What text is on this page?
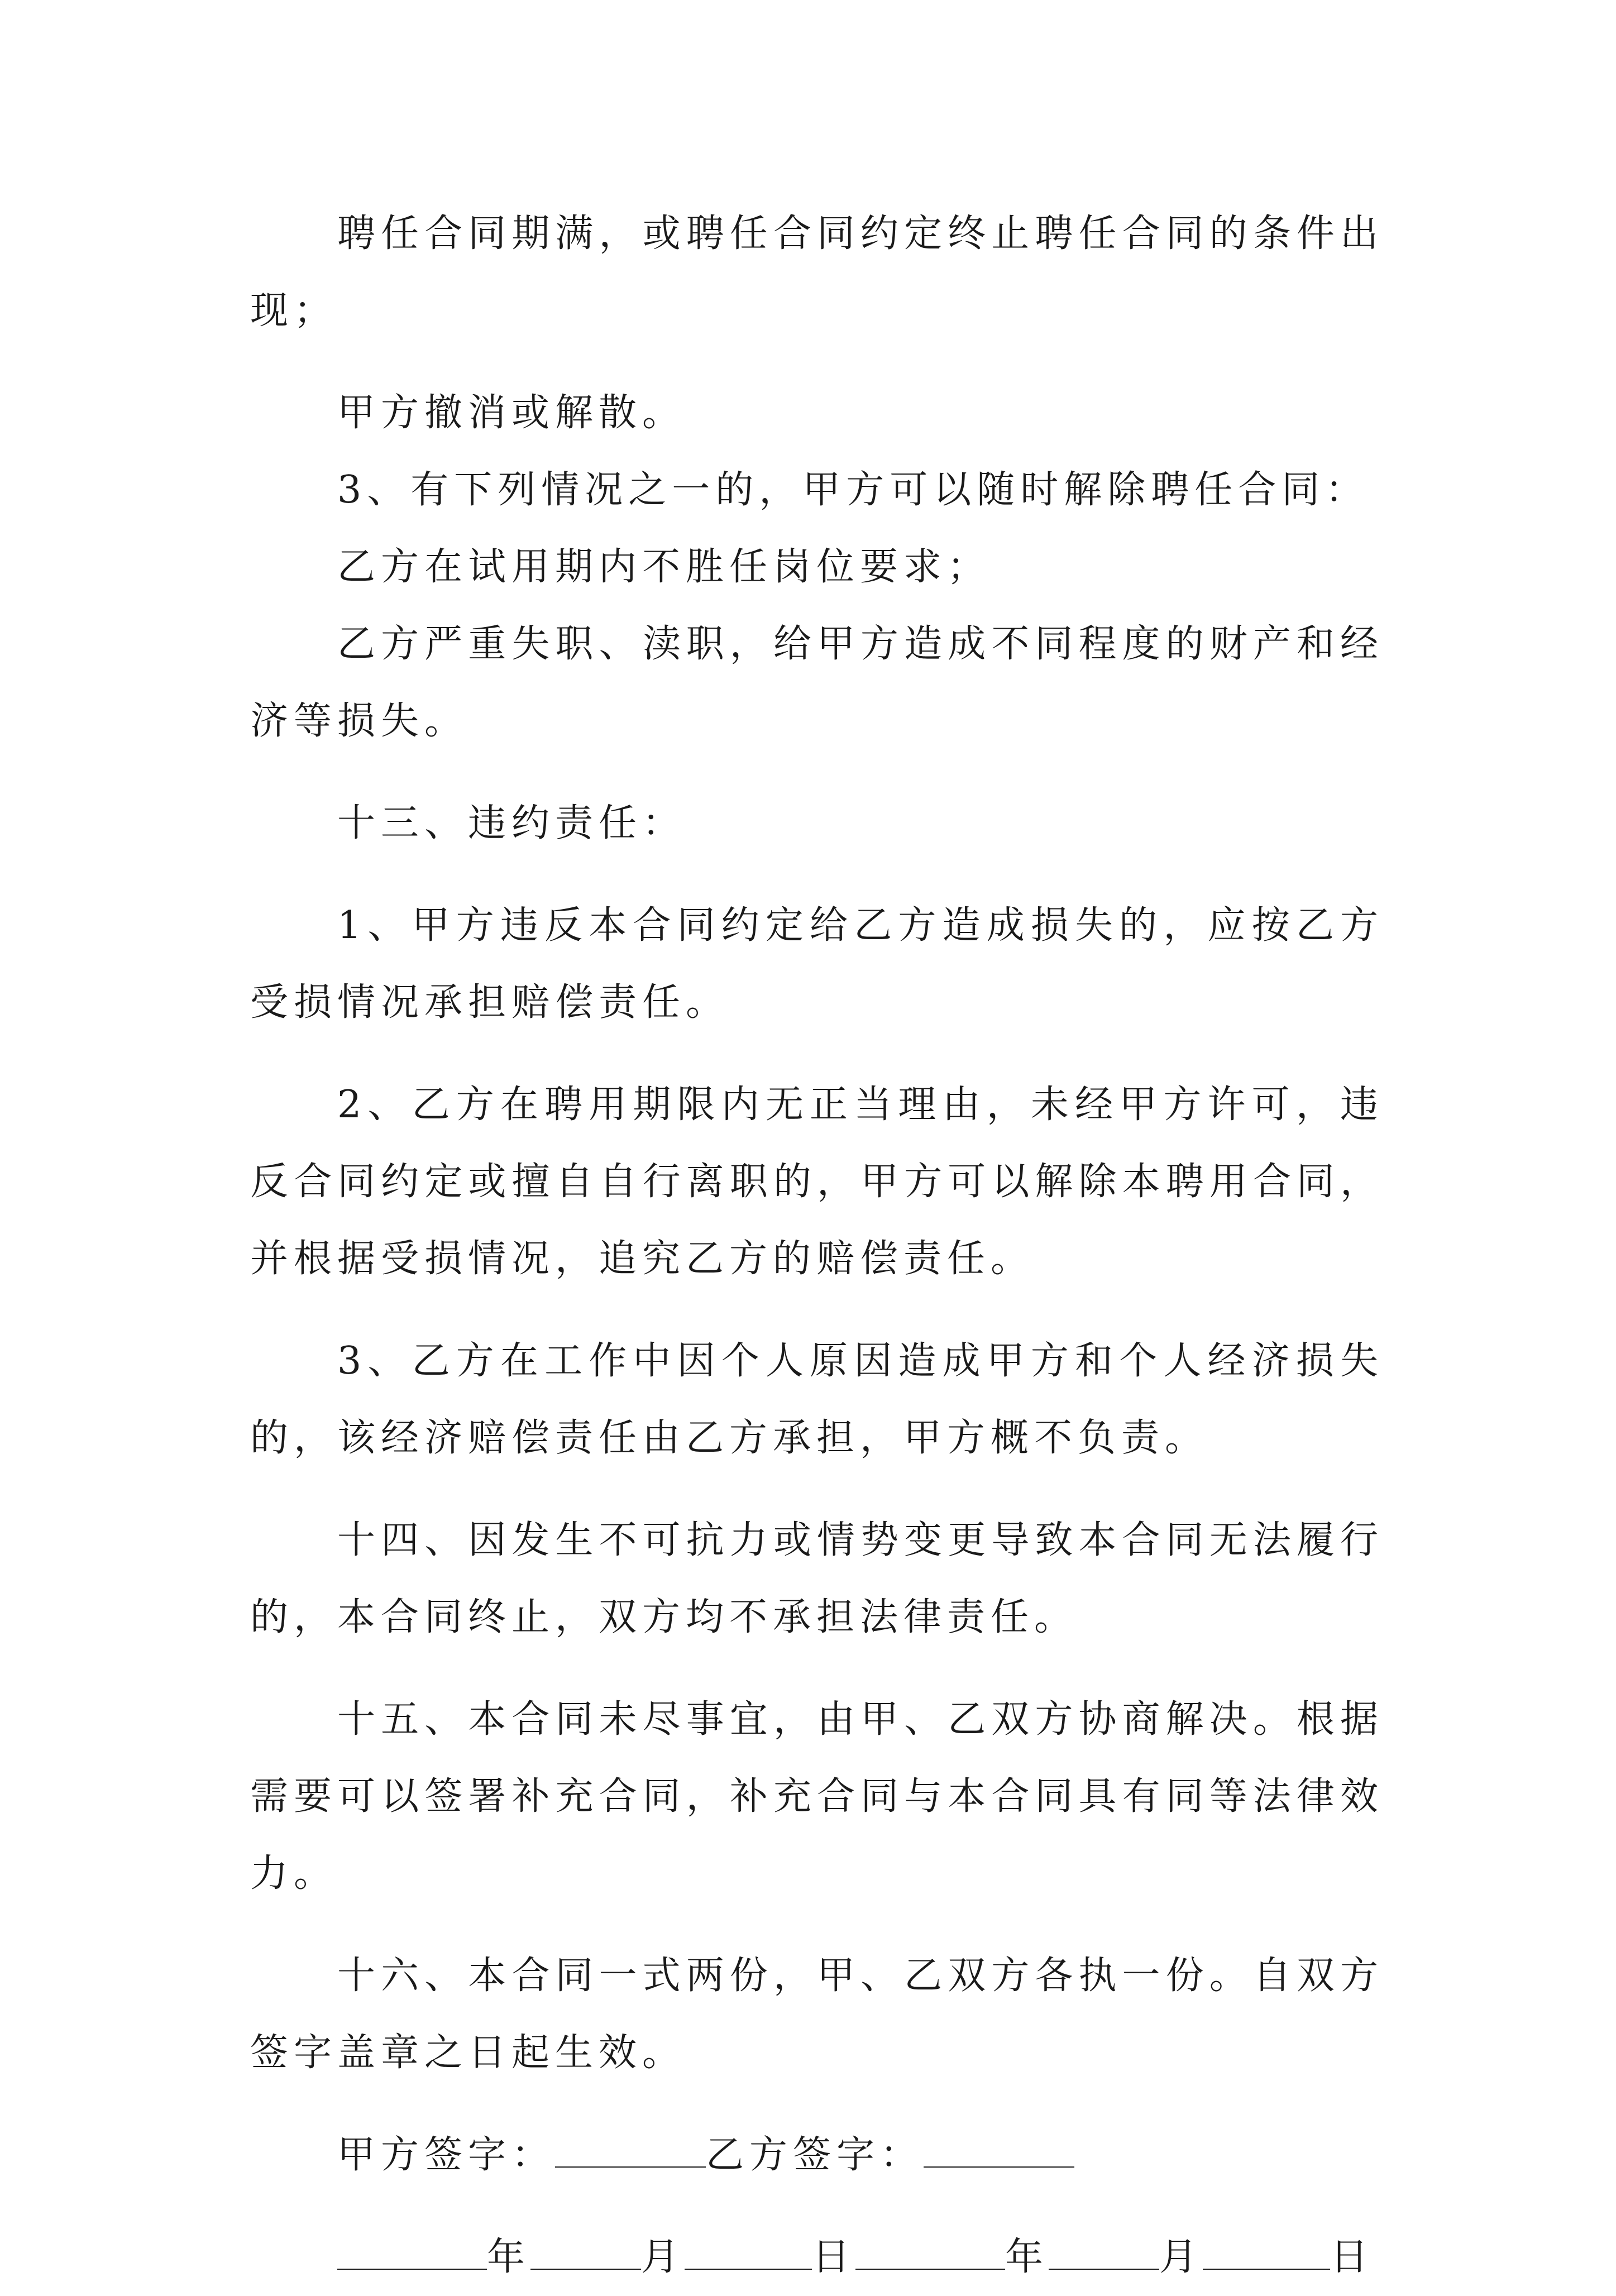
聘任合同期满，或聘任合同约定终止聘任合同的条件出现；

甲方撤消或解散。

3、有下列情况之一的，甲方可以随时解除聘任合同：

乙方在试用期内不胜任岗位要求；

乙方严重失职、渎职，给甲方造成不同程度的财产和经济等损失。

十三、违约责任：

1、甲方违反本合同约定给乙方造成损失的，应按乙方受损情况承担赔偿责任。

2、乙方在聘用期限内无正当理由，未经甲方许可，违反合同约定或擅自自行离职的，甲方可以解除本聘用合同，并根据受损情况，追究乙方的赔偿责任。

3、乙方在工作中因个人原因造成甲方和个人经济损失的，该经济赔偿责任由乙方承担，甲方概不负责。

十四、因发生不可抗力或情势变更导致本合同无法履行的，本合同终止，双方均不承担法律责任。

十五、本合同未尽事宜，由甲、乙双方协商解决。根据需要可以签署补充合同，补充合同与本合同具有同等法律效力。

十六、本合同一式两份，甲、乙双方各执一份。自双方签字盖章之日起生效。

甲方签字：	乙方签字：
年	月	日	年	月	日
